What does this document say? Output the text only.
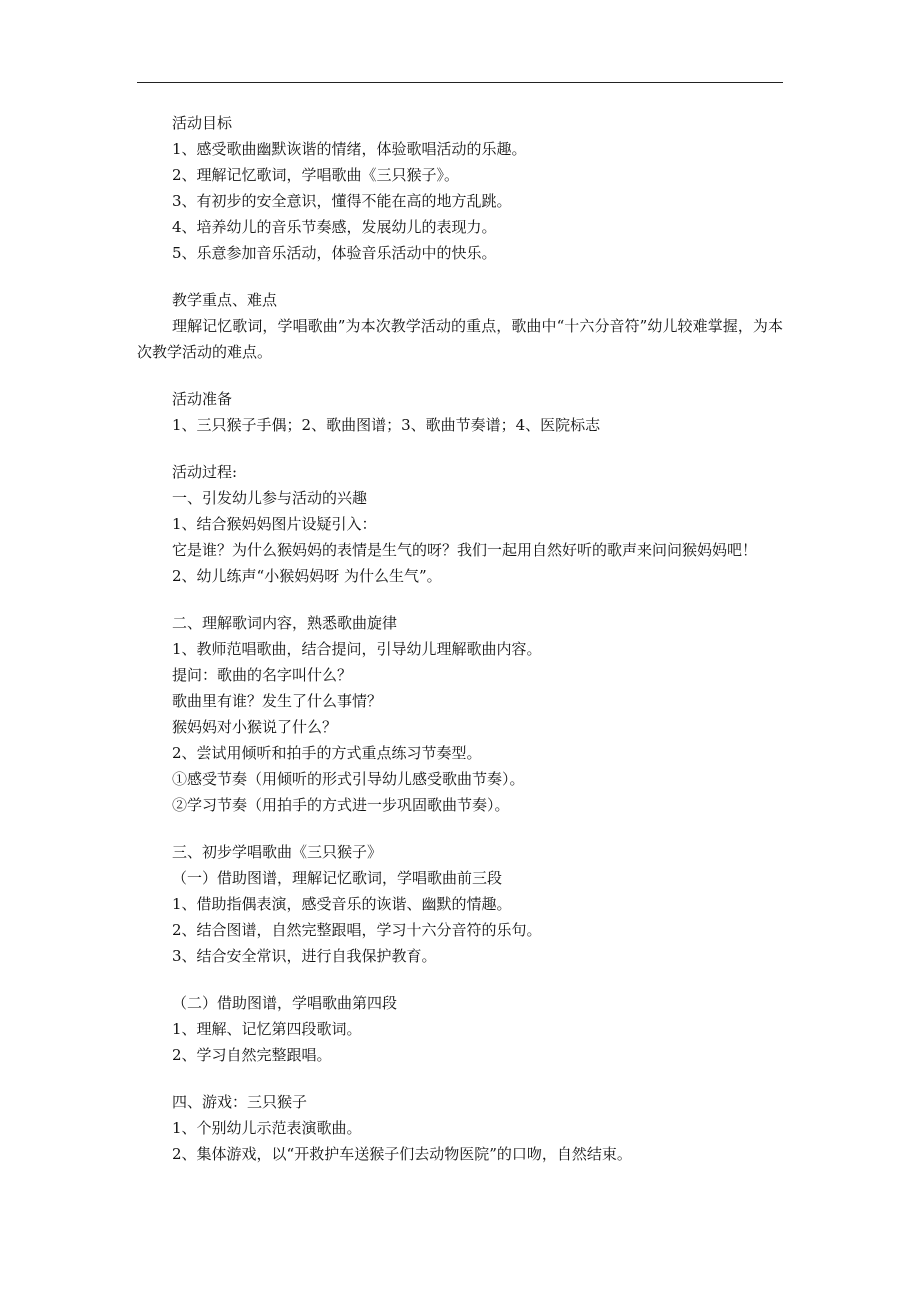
活动目标
1、感受歌曲幽默诙谐的情绪，体验歌唱活动的乐趣。
2、理解记忆歌词，学唱歌曲《三只猴子》。
3、有初步的安全意识，懂得不能在高的地方乱跳。
4、培养幼儿的音乐节奏感，发展幼儿的表现力。
5、乐意参加音乐活动，体验音乐活动中的快乐。
教学重点、难点
理解记忆歌词，学唱歌曲”为本次教学活动的重点，歌曲中“十六分音符”幼儿较难掌握，为本次教学活动的难点。
活动准备
1、三只猴子手偶；2、歌曲图谱；3、歌曲节奏谱；4、医院标志
活动过程:
一、引发幼儿参与活动的兴趣
1、结合猴妈妈图片设疑引入：
它是谁？为什么猴妈妈的表情是生气的呀？我们一起用自然好听的歌声来问问猴妈妈吧！
2、幼儿练声“小猴妈妈呀 为什么生气”。
二、理解歌词内容，熟悉歌曲旋律
1、教师范唱歌曲，结合提问，引导幼儿理解歌曲内容。
提问：歌曲的名字叫什么？
歌曲里有谁？发生了什么事情？
猴妈妈对小猴说了什么？
2、尝试用倾听和拍手的方式重点练习节奏型。
①感受节奏（用倾听的形式引导幼儿感受歌曲节奏）。
②学习节奏（用拍手的方式进一步巩固歌曲节奏）。
三、初步学唱歌曲《三只猴子》
（一）借助图谱，理解记忆歌词，学唱歌曲前三段
1、借助指偶表演，感受音乐的诙谐、幽默的情趣。
2、结合图谱，自然完整跟唱，学习十六分音符的乐句。
3、结合安全常识，进行自我保护教育。
（二）借助图谱，学唱歌曲第四段
1、理解、记忆第四段歌词。
2、学习自然完整跟唱。
四、游戏：三只猴子
1、个别幼儿示范表演歌曲。
2、集体游戏，以“开救护车送猴子们去动物医院”的口吻，自然结束。
